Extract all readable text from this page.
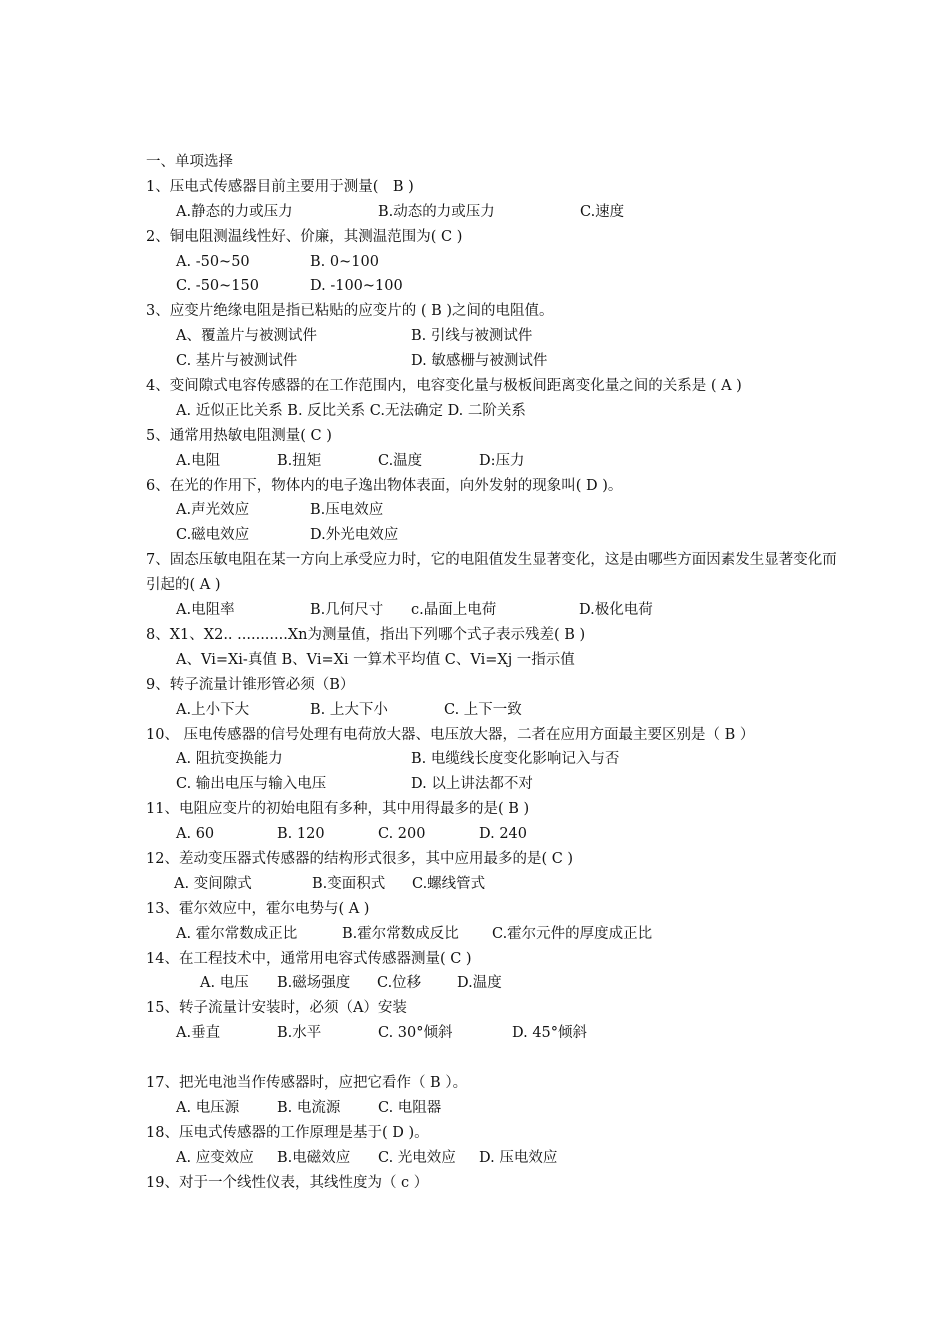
一、单项选择
1、压电式传感器目前主要用于测量(　B )
A.静态的力或压力	B.动态的力或压力	C.速度
2、铜电阻测温线性好、价廉，其测温范围为( C )
A. -50~50	B. 0~100
C. -50~150	D. -100~100
3、应变片绝缘电阻是指已粘贴的应变片的 ( B )之间的电阻值。
A、覆盖片与被测试件	B. 引线与被测试件
C. 基片与被测试件	D. 敏感栅与被测试件
4、变间隙式电容传感器的在工作范围内，电容变化量与极板间距离变化量之间的关系是 ( A )
A. 近似正比关系 B. 反比关系 C.无法确定 D. 二阶关系
5、通常用热敏电阻测量( C )
A.电阻	B.扭矩	C.温度	D:压力
6、在光的作用下，物体内的电子逸出物体表面，向外发射的现象叫( D )。
A.声光效应	B.压电效应
C.磁电效应	D.外光电效应
7、固态压敏电阻在某一方向上承受应力时，它的电阻值发生显著变化，这是由哪些方面因素发生显著变化而引起的( A )
A.电阻率	B.几何尺寸	c.晶面上电荷	D.极化电荷
8、X1、X2.. ...........Xn为测量值，指出下列哪个式子表示残差( B )
A、Vi=Xi-真值 B、Vi=Xi 一算术平均值 C、Vi=Xj 一指示值
9、转子流量计锥形管必须（B）
A.上小下大	B. 上大下小	C. 上下一致
10、 压电传感器的信号处理有电荷放大器、电压放大器，二者在应用方面最主要区别是（ B ）
A. 阻抗变换能力	B. 电缆线长度变化影响记入与否
C. 输出电压与输入电压	D. 以上讲法都不对
11、电阻应变片的初始电阻有多种，其中用得最多的是( B )
A. 60	B. 120	C. 200	D. 240
12、差动变压器式传感器的结构形式很多，其中应用最多的是( C )
A. 变间隙式	B.变面积式	C.螺线管式
13、霍尔效应中，霍尔电势与( A )
A. 霍尔常数成正比	B.霍尔常数成反比	C.霍尔元件的厚度成正比
14、在工程技术中，通常用电容式传感器测量( C )
A. 电压	B.磁场强度	C.位移	D.温度
15、转子流量计安装时，必须（A）安装
A.垂直	B.水平	C. 30°倾斜	D. 45°倾斜
17、把光电池当作传感器时，应把它看作（ B ）。
A. 电压源	B. 电流源	C. 电阻器
18、压电式传感器的工作原理是基于( D )。
A. 应变效应	B.电磁效应	C. 光电效应	D. 压电效应
19、对于一个线性仪表，其线性度为（ c ）
